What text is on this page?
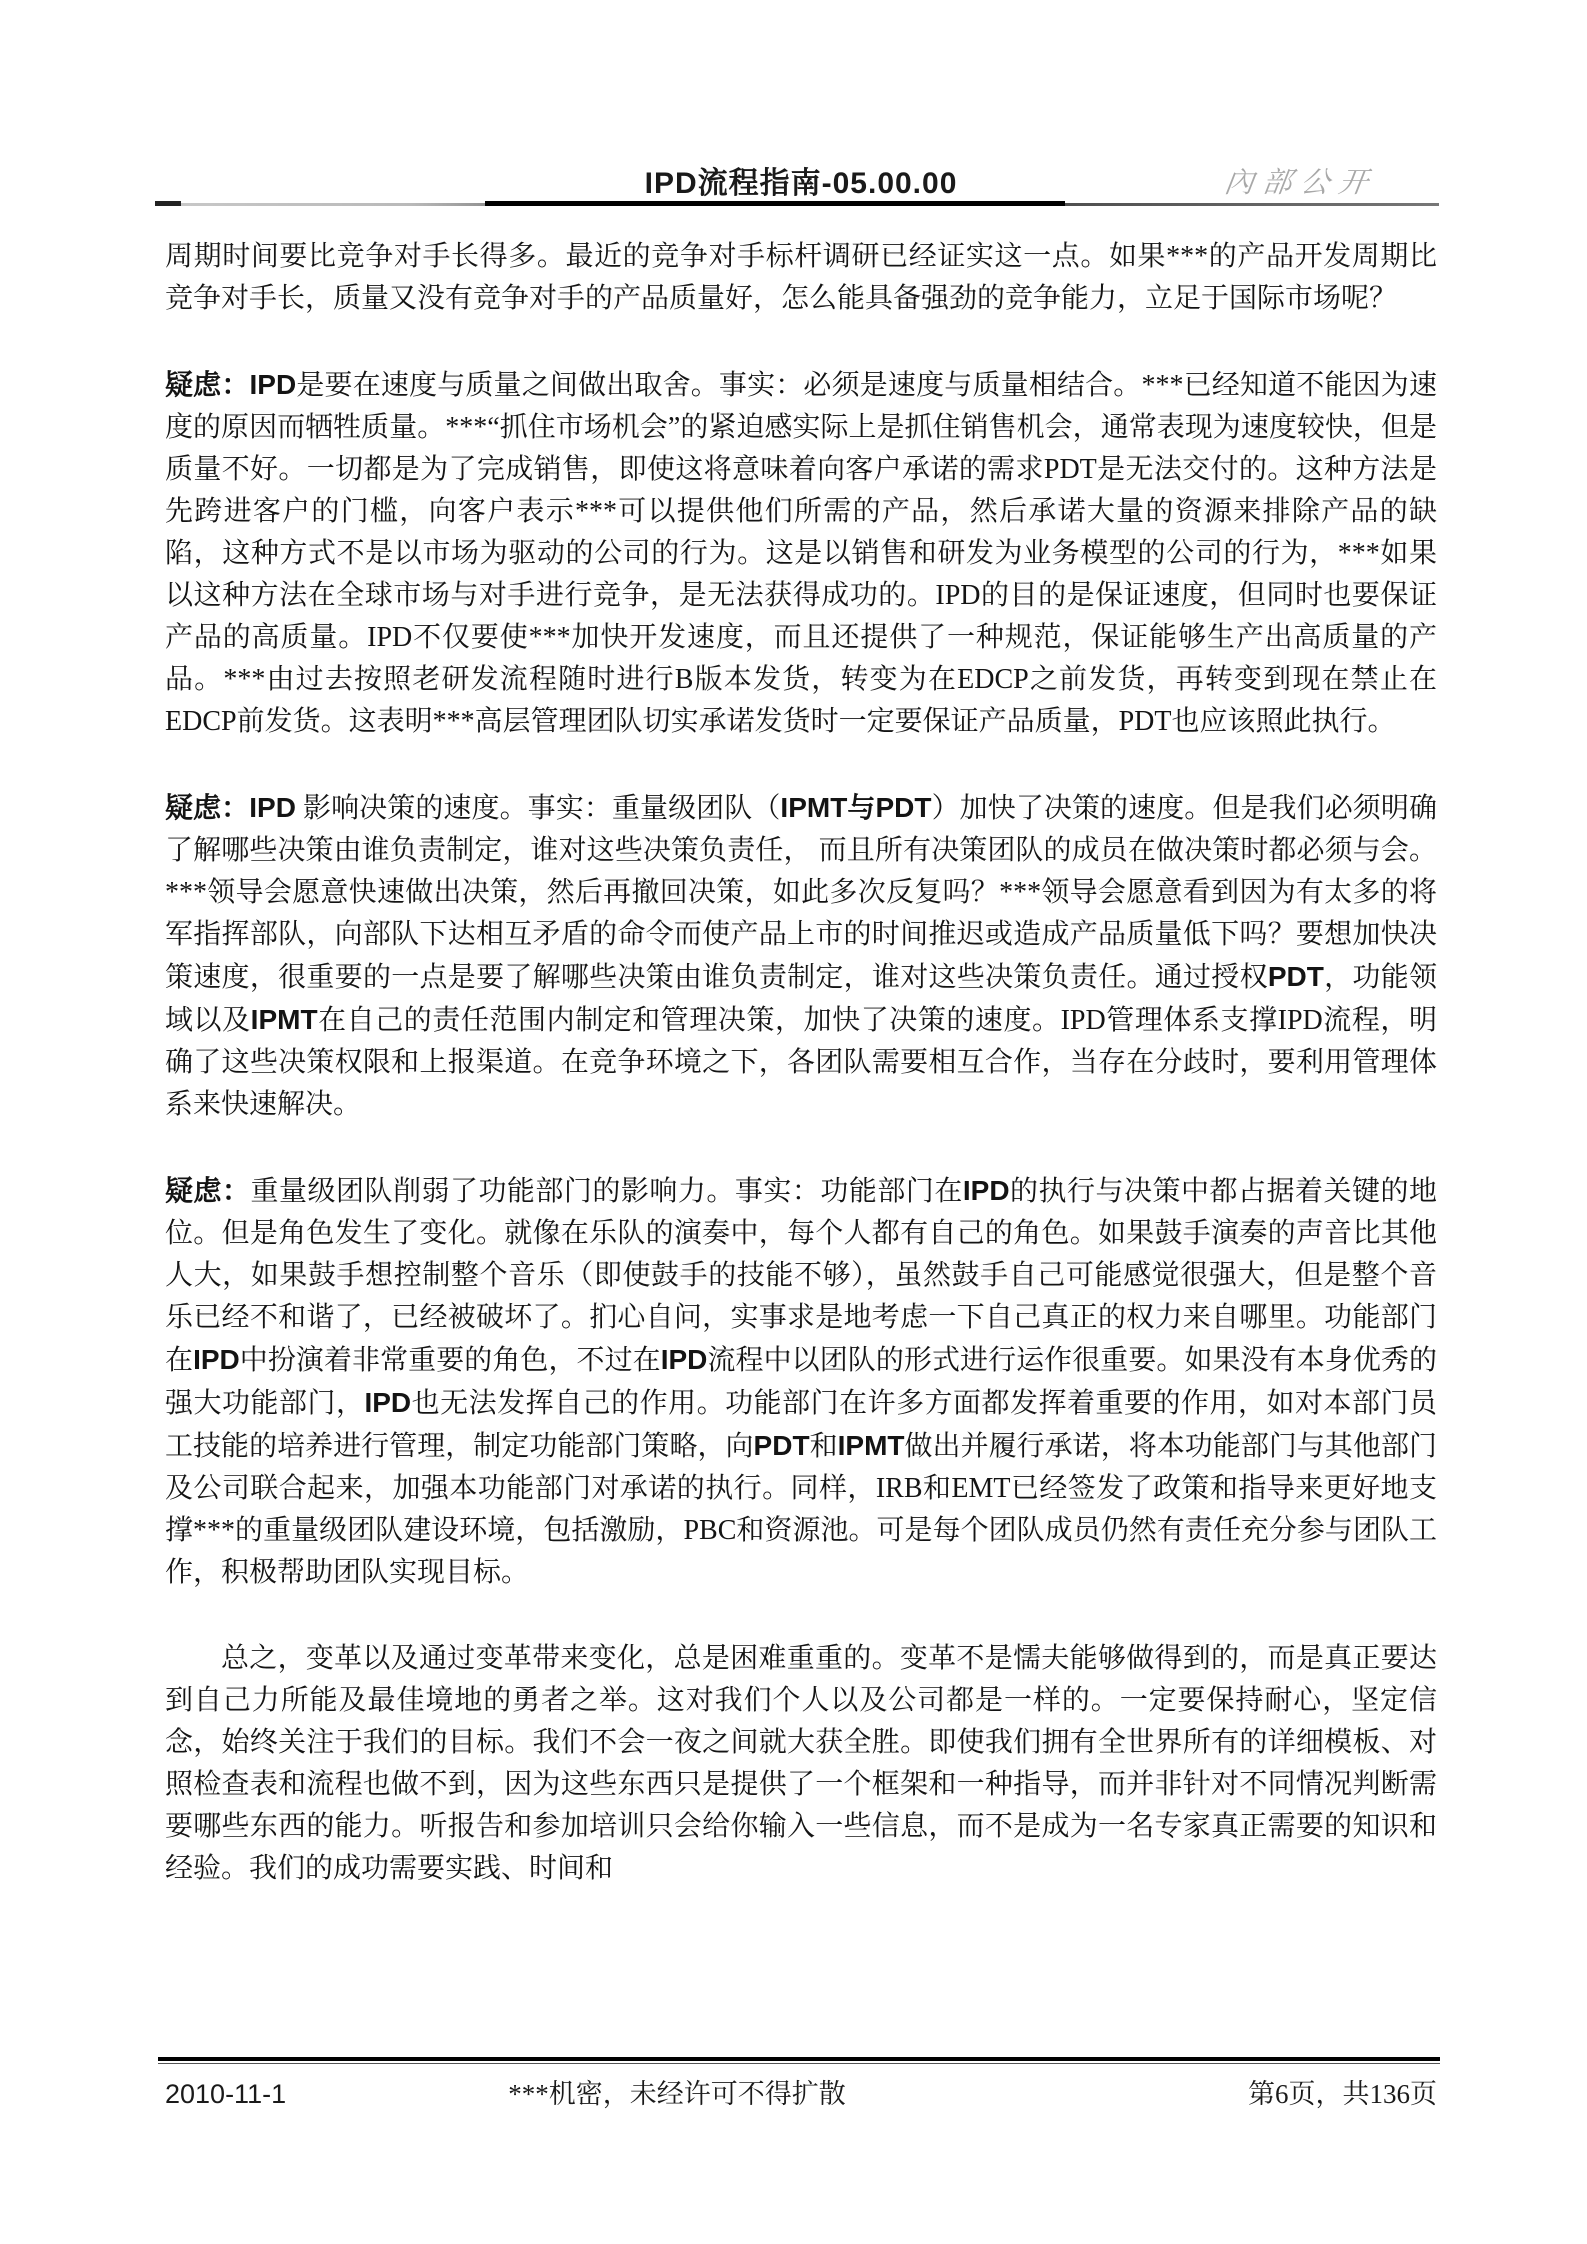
IPD流程指南-05.00.00	內部公开

周期时间要比竞争对手长得多。最近的竞争对手标杆调研已经证实这一点。如果***的产品开发周期比竞争对手长，质量又没有竞争对手的产品质量好，怎么能具备强劲的竞争能力，立足于国际市场呢？

疑虑：IPD是要在速度与质量之间做出取舍。事实：必须是速度与质量相结合。***已经知道不能因为速度的原因而牺牲质量。***“抓住市场机会”的紧迫感实际上是抓住销售机会，通常表现为速度较快，但是质量不好。一切都是为了完成销售，即使这将意味着向客户承诺的需求PDT是无法交付的。这种方法是先跨进客户的门槛，向客户表示***可以提供他们所需的产品，然后承诺大量的资源来排除产品的缺陷，这种方式不是以市场为驱动的公司的行为。这是以销售和研发为业务模型的公司的行为，***如果以这种方法在全球市场与对手进行竞争，是无法获得成功的。IPD的目的是保证速度，但同时也要保证产品的高质量。IPD不仅要使***加快开发速度，而且还提供了一种规范，保证能够生产出高质量的产品。***由过去按照老研发流程随时进行B版本发货，转变为在EDCP之前发货，再转变到现在禁止在EDCP前发货。这表明***高层管理团队切实承诺发货时一定要保证产品质量，PDT也应该照此执行。

疑虑：IPD 影响决策的速度。事实：重量级团队（IPMT与PDT）加快了决策的速度。但是我们必须明确了解哪些决策由谁负责制定，谁对这些决策负责任， 而且所有决策团队的成员在做决策时都必须与会。***领导会愿意快速做出决策，然后再撤回决策，如此多次反复吗？***领导会愿意看到因为有太多的将军指挥部队，向部队下达相互矛盾的命令而使产品上市的时间推迟或造成产品质量低下吗？要想加快决策速度，很重要的一点是要了解哪些决策由谁负责制定，谁对这些决策负责任。通过授权PDT，功能领域以及IPMT在自己的责任范围内制定和管理决策，加快了决策的速度。IPD管理体系支撑IPD流程，明确了这些决策权限和上报渠道。在竞争环境之下，各团队需要相互合作，当存在分歧时，要利用管理体系来快速解决。

疑虑：重量级团队削弱了功能部门的影响力。事实：功能部门在IPD的执行与决策中都占据着关键的地位。但是角色发生了变化。就像在乐队的演奏中，每个人都有自己的角色。如果鼓手演奏的声音比其他人大，如果鼓手想控制整个音乐（即使鼓手的技能不够），虽然鼓手自己可能感觉很强大，但是整个音乐已经不和谐了，已经被破坏了。扪心自问，实事求是地考虑一下自己真正的权力来自哪里。功能部门在IPD中扮演着非常重要的角色，不过在IPD流程中以团队的形式进行运作很重要。如果没有本身优秀的强大功能部门，IPD也无法发挥自己的作用。功能部门在许多方面都发挥着重要的作用，如对本部门员工技能的培养进行管理，制定功能部门策略，向PDT和IPMT做出并履行承诺，将本功能部门与其他部门及公司联合起来，加强本功能部门对承诺的执行。同样，IRB和EMT已经签发了政策和指导来更好地支撑***的重量级团队建设环境，包括激励，PBC和资源池。可是每个团队成员仍然有责任充分参与团队工作，积极帮助团队实现目标。

总之，变革以及通过变革带来变化，总是困难重重的。变革不是懦夫能够做得到的，而是真正要达到自己力所能及最佳境地的勇者之举。这对我们个人以及公司都是一样的。一定要保持耐心，坚定信念，始终关注于我们的目标。我们不会一夜之间就大获全胜。即使我们拥有全世界所有的详细模板、对照检查表和流程也做不到，因为这些东西只是提供了一个框架和一种指导，而并非针对不同情况判断需要哪些东西的能力。听报告和参加培训只会给你输入一些信息，而不是成为一名专家真正需要的知识和经验。我们的成功需要实践、时间和

2010-11-1	***机密，未经许可不得扩散	第6页，共136页
